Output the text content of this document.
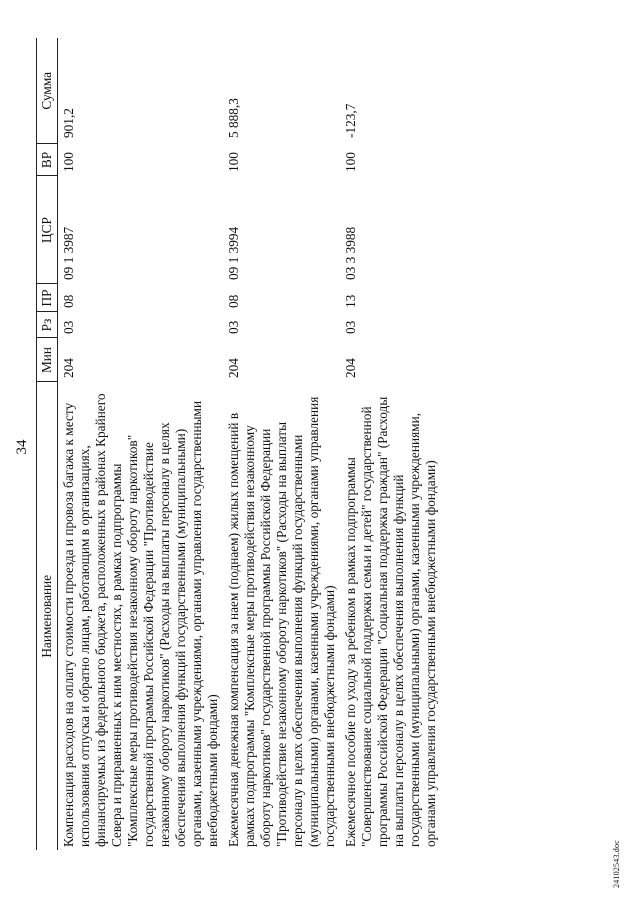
34
Наименование	Мин	Рз	ПР	ЦСР	ВР	Сумма
Компенсация расходов на оплату стоимости проезда и провоза багажа к месту использования отпуска и обратно лицам, работающим в организациях, финансируемых из федерального бюджета, расположенных в районах Крайнего Севера и приравненных к ним местностях, в рамках подпрограммы "Комплексные меры противодействия незаконному обороту наркотиков" государственной программы Российской Федерации "Противодействие незаконному обороту наркотиков" (Расходы на выплаты персоналу в целях обеспечения выполнения функций государственными (муниципальными) органами, казенными учреждениями, органами управления государственными внебюджетными фондами)	204	03	08	09 1 3987	100	901,2
Ежемесячная денежная компенсация за наем (поднаем) жилых помещений в рамках подпрограммы "Комплексные меры противодействия незаконному обороту наркотиков" государственной программы Российской Федерации "Противодействие незаконному обороту наркотиков" (Расходы на выплаты персоналу в целях обеспечения выполнения функций государственными (муниципальными) органами, казенными учреждениями, органами управления государственными внебюджетными фондами)	204	03	08	09 1 3994	100	5 888,3
Ежемесячное пособие по уходу за ребенком в рамках подпрограммы "Совершенствование социальной поддержки семьи и детей" государственной программы Российской Федерации "Социальная поддержка граждан" (Расходы на выплаты персоналу в целях обеспечения выполнения функций государственными (муниципальными) органами, казенными учреждениями, органами управления государственными внебюджетными фондами)	204	03	13	03 3 3988	100	-123,7
24102543.doc
